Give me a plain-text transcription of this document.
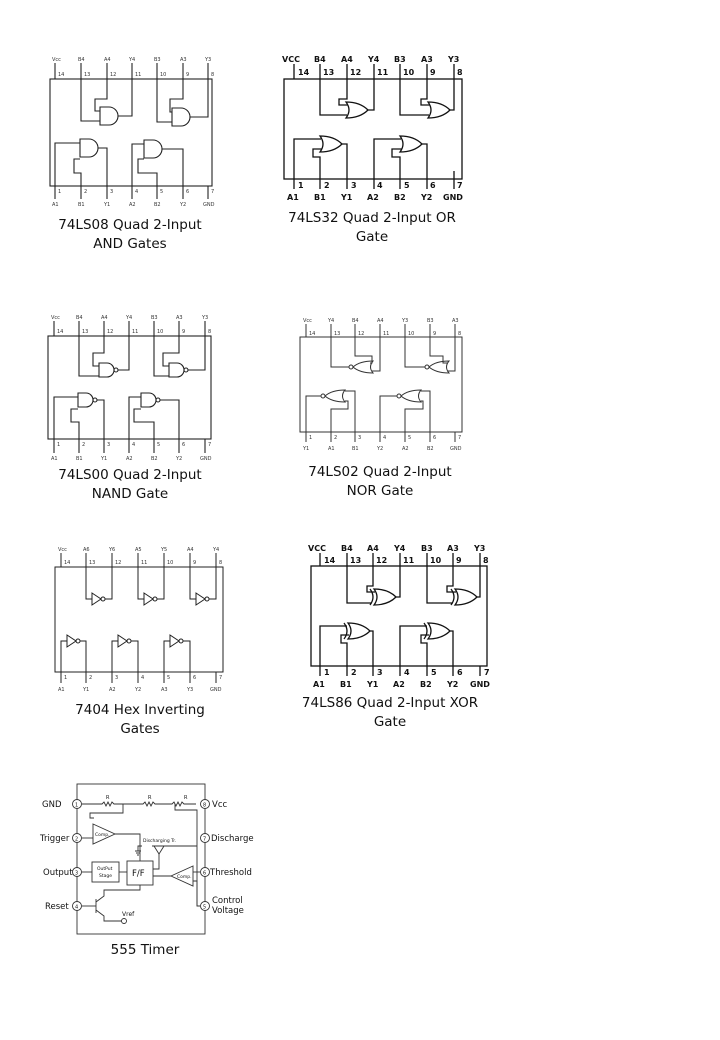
Vcc	B4	A4	Y4	B3	A3	Y3
14	13	12	11	10	9	8
1	2	3	4	5	6	7
A1	B1	Y1	A2	B2	Y2	GND
74LS08 Quad 2-Input
AND Gates
VCC B4 A4 Y4 B3 A3 Y3
14 13 12 11 10 9	8
1	2	3	4	5	6	7
A1 B1 Y1 A2 B2 Y2 GND
74LS32 Quad 2-Input OR
Gate
Vcc	B4	A4	Y4	B3	A3	Y3
14	13	12	11	10	9	8
1	2	3	4	5	6	7
A1	B1	Y1	A2	B2	Y2	GND
74LS00 Quad 2-Input
NAND Gate
Vcc	Y4	B4	A4	Y3	B3	A3
14	13	12	11	10	9	8
1	2	3	4	5	6	7
Y1	A1	B1	Y2	A2	B2	GND
74LS02 Quad 2-Input
NOR Gate
Vcc	A6	Y6	A5	Y5	A4	Y4
14	13	12	11	10	9	8
1	2	3	4	5	6	7
A1	Y1	A2	Y2	A3	Y3	GND
7404 Hex Inverting
Gates
VCC B4 A4 Y4 B3 A3 Y3
14 13 12 11 10 9	8
1	2	3	4	5	6	7
A1 B1 Y1 A2 B2 Y2 GND
74LS86 Quad 2-Input XOR
Gate
GND
Trigger
Output
Reset
1
2
3
4
8
7
6
5
Vcc
Discharge
Threshold
Control
Voltage
R	R	R
Comp.
Comp.
Discharging Tr.
OutPut
Stage F/F
Vref
555 Timer
